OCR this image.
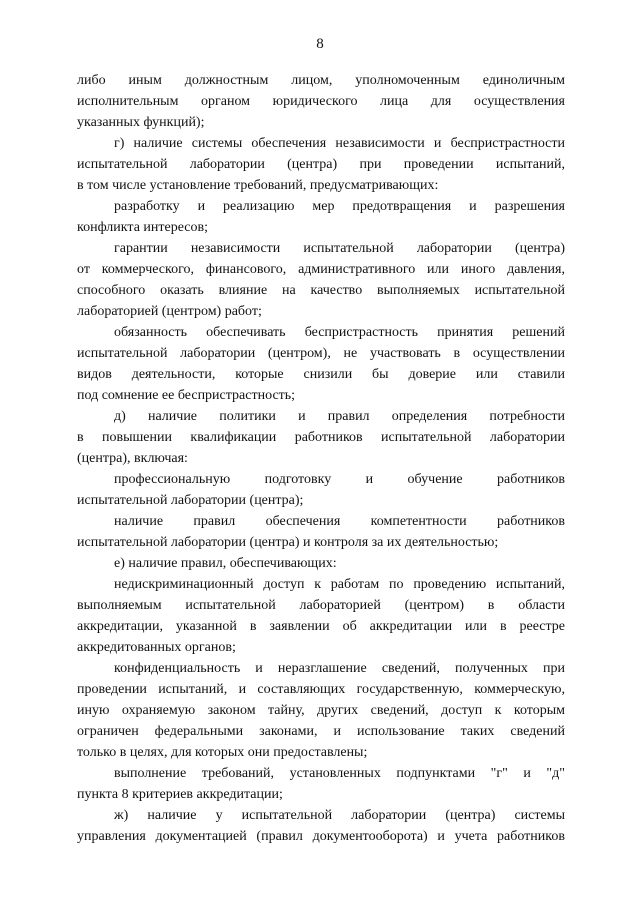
8

либо иным должностным лицом, уполномоченным единоличным
исполнительным органом юридического лица для осуществления
указанных функций);

г) наличие системы обеспечения независимости и беспристрастности
испытательной лаборатории (центра) при проведении испытаний,
в том числе установление требований, предусматривающих:

разработку и реализацию мер предотвращения и разрешения
конфликта интересов;

гарантии независимости испытательной лаборатории (центра)
от коммерческого, финансового, административного или иного давления,
способного оказать влияние на качество выполняемых испытательной
лабораторией (центром) работ;

обязанность обеспечивать беспристрастность принятия решений
испытательной лаборатории (центром), не участвовать в осуществлении
видов деятельности, которые снизили бы доверие или ставили
под сомнение ее беспристрастность;

д) наличие политики и правил определения потребности
в повышении квалификации работников испытательной лаборатории
(центра), включая:

профессиональную подготовку и обучение работников
испытательной лаборатории (центра);

наличие правил обеспечения компетентности работников
испытательной лаборатории (центра) и контроля за их деятельностью;

е) наличие правил, обеспечивающих:

недискриминационный доступ к работам по проведению испытаний,
выполняемым испытательной лабораторией (центром) в области
аккредитации, указанной в заявлении об аккредитации или в реестре
аккредитованных органов;

конфиденциальность и неразглашение сведений, полученных при
проведении испытаний, и составляющих государственную, коммерческую,
иную охраняемую законом тайну, других сведений, доступ к которым
ограничен федеральными законами, и использование таких сведений
только в целях, для которых они предоставлены;

выполнение требований, установленных подпунктами "г" и "д"
пункта 8 критериев аккредитации;

ж) наличие у испытательной лаборатории (центра) системы
управления документацией (правил документооборота) и учета работников
